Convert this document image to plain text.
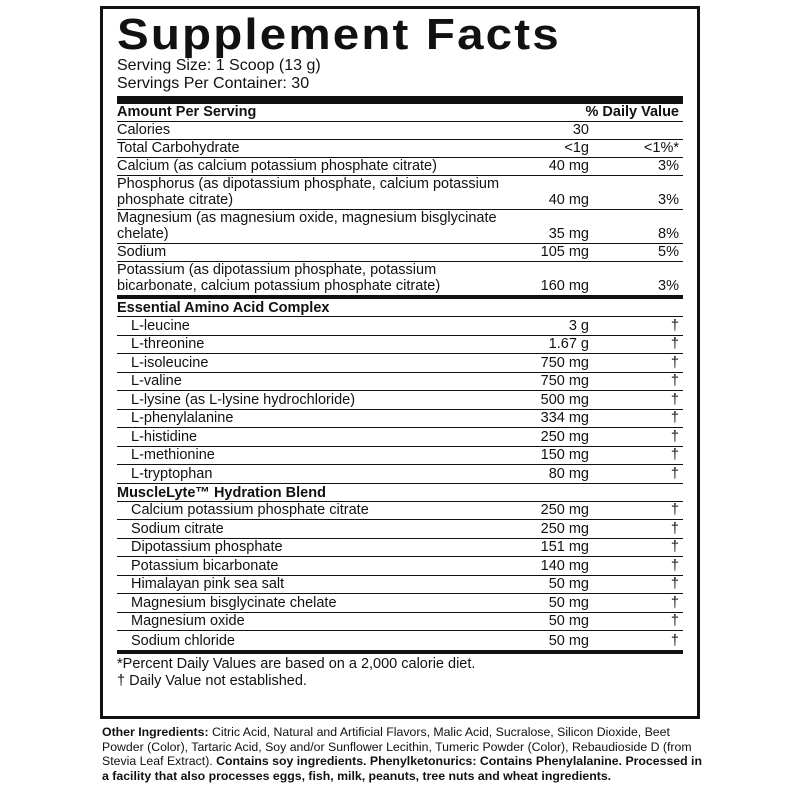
Supplement Facts
Serving Size: 1 Scoop (13 g)
Servings Per Container: 30
Amount Per Serving	% Daily Value
Calories	30
Total Carbohydrate	<1g	<1%*
Calcium (as calcium potassium phosphate citrate)	40 mg	3%
Phosphorus (as dipotassium phosphate, calcium potassium phosphate citrate)	40 mg	3%
Magnesium (as magnesium oxide, magnesium bisglycinate chelate)	35 mg	8%
Sodium	105 mg	5%
Potassium (as dipotassium phosphate, potassium bicarbonate, calcium potassium phosphate citrate)	160 mg	3%
Essential Amino Acid Complex
L-leucine	3 g	†
L-threonine	1.67 g	†
L-isoleucine	750 mg	†
L-valine	750 mg	†
L-lysine (as L-lysine hydrochloride)	500 mg	†
L-phenylalanine	334 mg	†
L-histidine	250 mg	†
L-methionine	150 mg	†
L-tryptophan	80 mg	†
MuscleLyte™ Hydration Blend
Calcium potassium phosphate citrate	250 mg	†
Sodium citrate	250 mg	†
Dipotassium phosphate	151 mg	†
Potassium bicarbonate	140 mg	†
Himalayan pink sea salt	50 mg	†
Magnesium bisglycinate chelate	50 mg	†
Magnesium oxide	50 mg	†
Sodium chloride	50 mg	†
*Percent Daily Values are based on a 2,000 calorie diet.
† Daily Value not established.
Other Ingredients: Citric Acid, Natural and Artificial Flavors, Malic Acid, Sucralose, Silicon Dioxide, Beet Powder (Color), Tartaric Acid, Soy and/or Sunflower Lecithin, Tumeric Powder (Color), Rebaudioside D (from Stevia Leaf Extract). Contains soy ingredients. Phenylketonurics: Contains Phenylalanine. Processed in a facility that also processes eggs, fish, milk, peanuts, tree nuts and wheat ingredients.
